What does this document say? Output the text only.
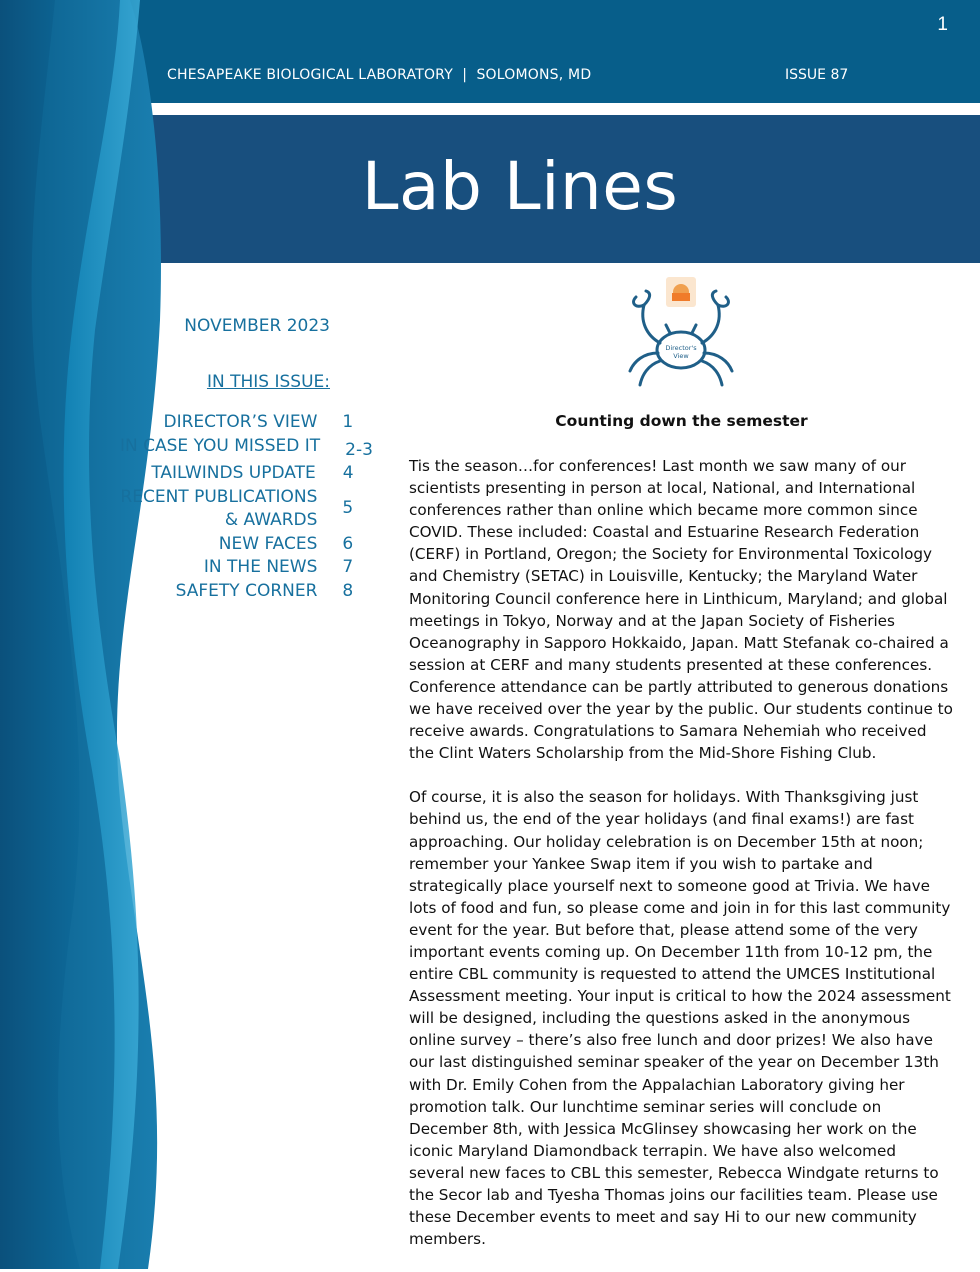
1
CHESAPEAKE BIOLOGICAL LABORATORY  |  SOLOMONS, MD	ISSUE 87
Lab Lines
NOVEMBER 2023
IN THIS ISSUE:
DIRECTOR’S VIEW	1
IN CASE YOU MISSED IT	2-3
TAILWINDS UPDATE	4
RECENT PUBLICATIONS
& AWARDS
5
NEW FACES	6
IN THE NEWS	7
SAFETY CORNER	8
Director's
View
Counting down the semester

Tis the season…for conferences! Last month we saw many of our scientists presenting in person at local, National, and International conferences rather than online which became more common since COVID. These included: Coastal and Estuarine Research Federation (CERF) in Portland, Oregon; the Society for Environmental Toxicology and Chemistry (SETAC) in Louisville, Kentucky; the Maryland Water Monitoring Council conference here in Linthicum, Maryland; and global meetings in Tokyo, Norway and at the Japan Society of Fisheries Oceanography in Sapporo Hokkaido, Japan. Matt Stefanak co-chaired a session at CERF and many students presented at these conferences. Conference attendance can be partly attributed to generous donations we have received over the year by the public. Our students continue to receive awards. Congratulations to Samara Nehemiah who received the Clint Waters Scholarship from the Mid-Shore Fishing Club.

Of course, it is also the season for holidays. With Thanksgiving just behind us, the end of the year holidays (and final exams!) are fast approaching. Our holiday celebration is on December 15th at noon; remember your Yankee Swap item if you wish to partake and strategically place yourself next to someone good at Trivia. We have lots of food and fun, so please come and join in for this last community event for the year. But before that, please attend some of the very important events coming up. On December 11th from 10-12 pm, the entire CBL community is requested to attend the UMCES Institutional Assessment meeting. Your input is critical to how the 2024 assessment will be designed, including the questions asked in the anonymous online survey – there’s also free lunch and door prizes! We also have our last distinguished seminar speaker of the year on December 13th with Dr. Emily Cohen from the Appalachian Laboratory giving her promotion talk. Our lunchtime seminar series will conclude on December 8th, with Jessica McGlinsey showcasing her work on the iconic Maryland Diamondback terrapin. We have also welcomed several new faces to CBL this semester, Rebecca Windgate returns to the Secor lab and Tyesha Thomas joins our facilities team. Please use these December events to meet and say Hi to our new community members.
